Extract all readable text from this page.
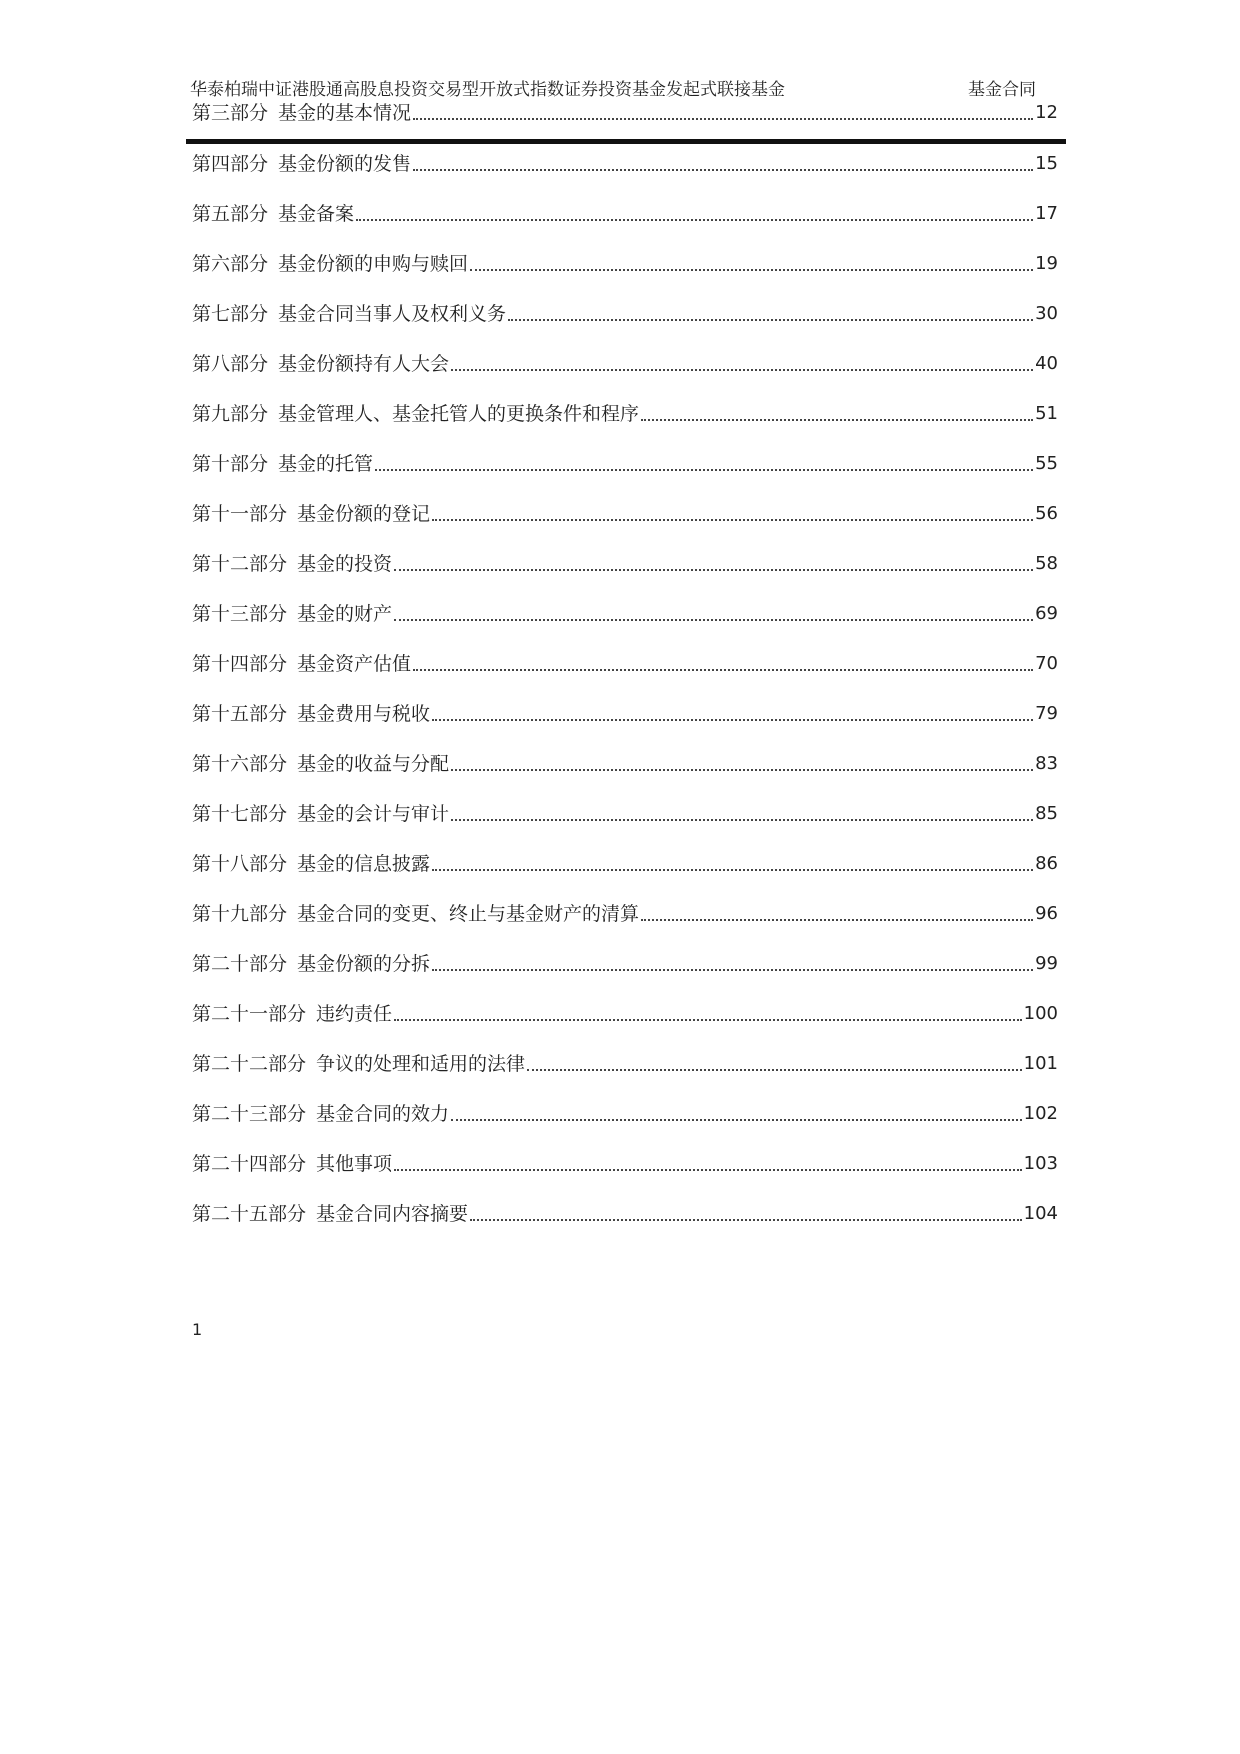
华泰柏瑞中证港股通高股息投资交易型开放式指数证券投资基金发起式联接基金	基金合同
第三部分 基金的基本情况	12
第四部分 基金份额的发售	15
第五部分 基金备案	17
第六部分 基金份额的申购与赎回	19
第七部分 基金合同当事人及权利义务	30
第八部分 基金份额持有人大会	40
第九部分 基金管理人、基金托管人的更换条件和程序	51
第十部分 基金的托管	55
第十一部分 基金份额的登记	56
第十二部分 基金的投资	58
第十三部分 基金的财产	69
第十四部分 基金资产估值	70
第十五部分 基金费用与税收	79
第十六部分 基金的收益与分配	83
第十七部分 基金的会计与审计	85
第十八部分 基金的信息披露	86
第十九部分 基金合同的变更、终止与基金财产的清算	96
第二十部分 基金份额的分拆	99
第二十一部分 违约责任	100
第二十二部分 争议的处理和适用的法律	101
第二十三部分 基金合同的效力	102
第二十四部分 其他事项	103
第二十五部分 基金合同内容摘要	104
1
